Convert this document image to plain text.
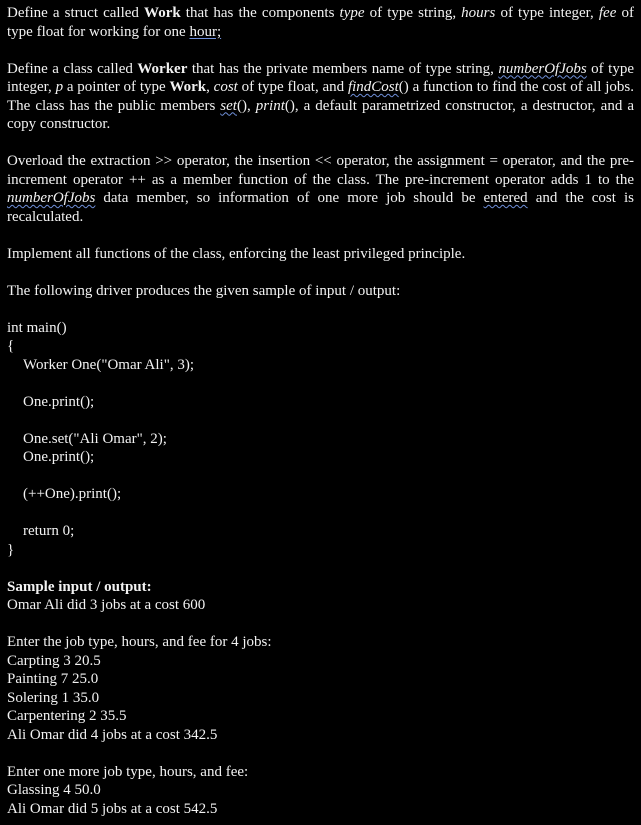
Define a struct called Work that has the components type of type string, hours of type integer, fee of type float for working for one hour;

Define a class called Worker that has the private members name of type string, numberOfJobs of type integer, p a pointer of type Work, cost of type float, and findCost() a function to find the cost of all jobs. The class has the public members set(), print(), a default parametrized constructor, a destructor, and a copy constructor.

Overload the extraction >> operator, the insertion << operator, the assignment = operator, and the pre-increment operator ++ as a member function of the class. The pre-increment operator adds 1 to the numberOfJobs data member, so information of one more job should be entered and the cost is recalculated.

Implement all functions of the class, enforcing the least privileged principle.

The following driver produces the given sample of input / output:

int main()

{

Worker One("Omar Ali", 3);

One.print();

One.set("Ali Omar", 2);

One.print();

(++One).print();

return 0;

}

Sample input / output:

Omar Ali did 3 jobs at a cost 600

Enter the job type, hours, and fee for 4 jobs:

Carpting 3 20.5

Painting 7 25.0

Solering 1 35.0

Carpentering 2 35.5

Ali Omar did 4 jobs at a cost 342.5

Enter one more job type, hours, and fee:

Glassing 4 50.0

Ali Omar did 5 jobs at a cost 542.5
